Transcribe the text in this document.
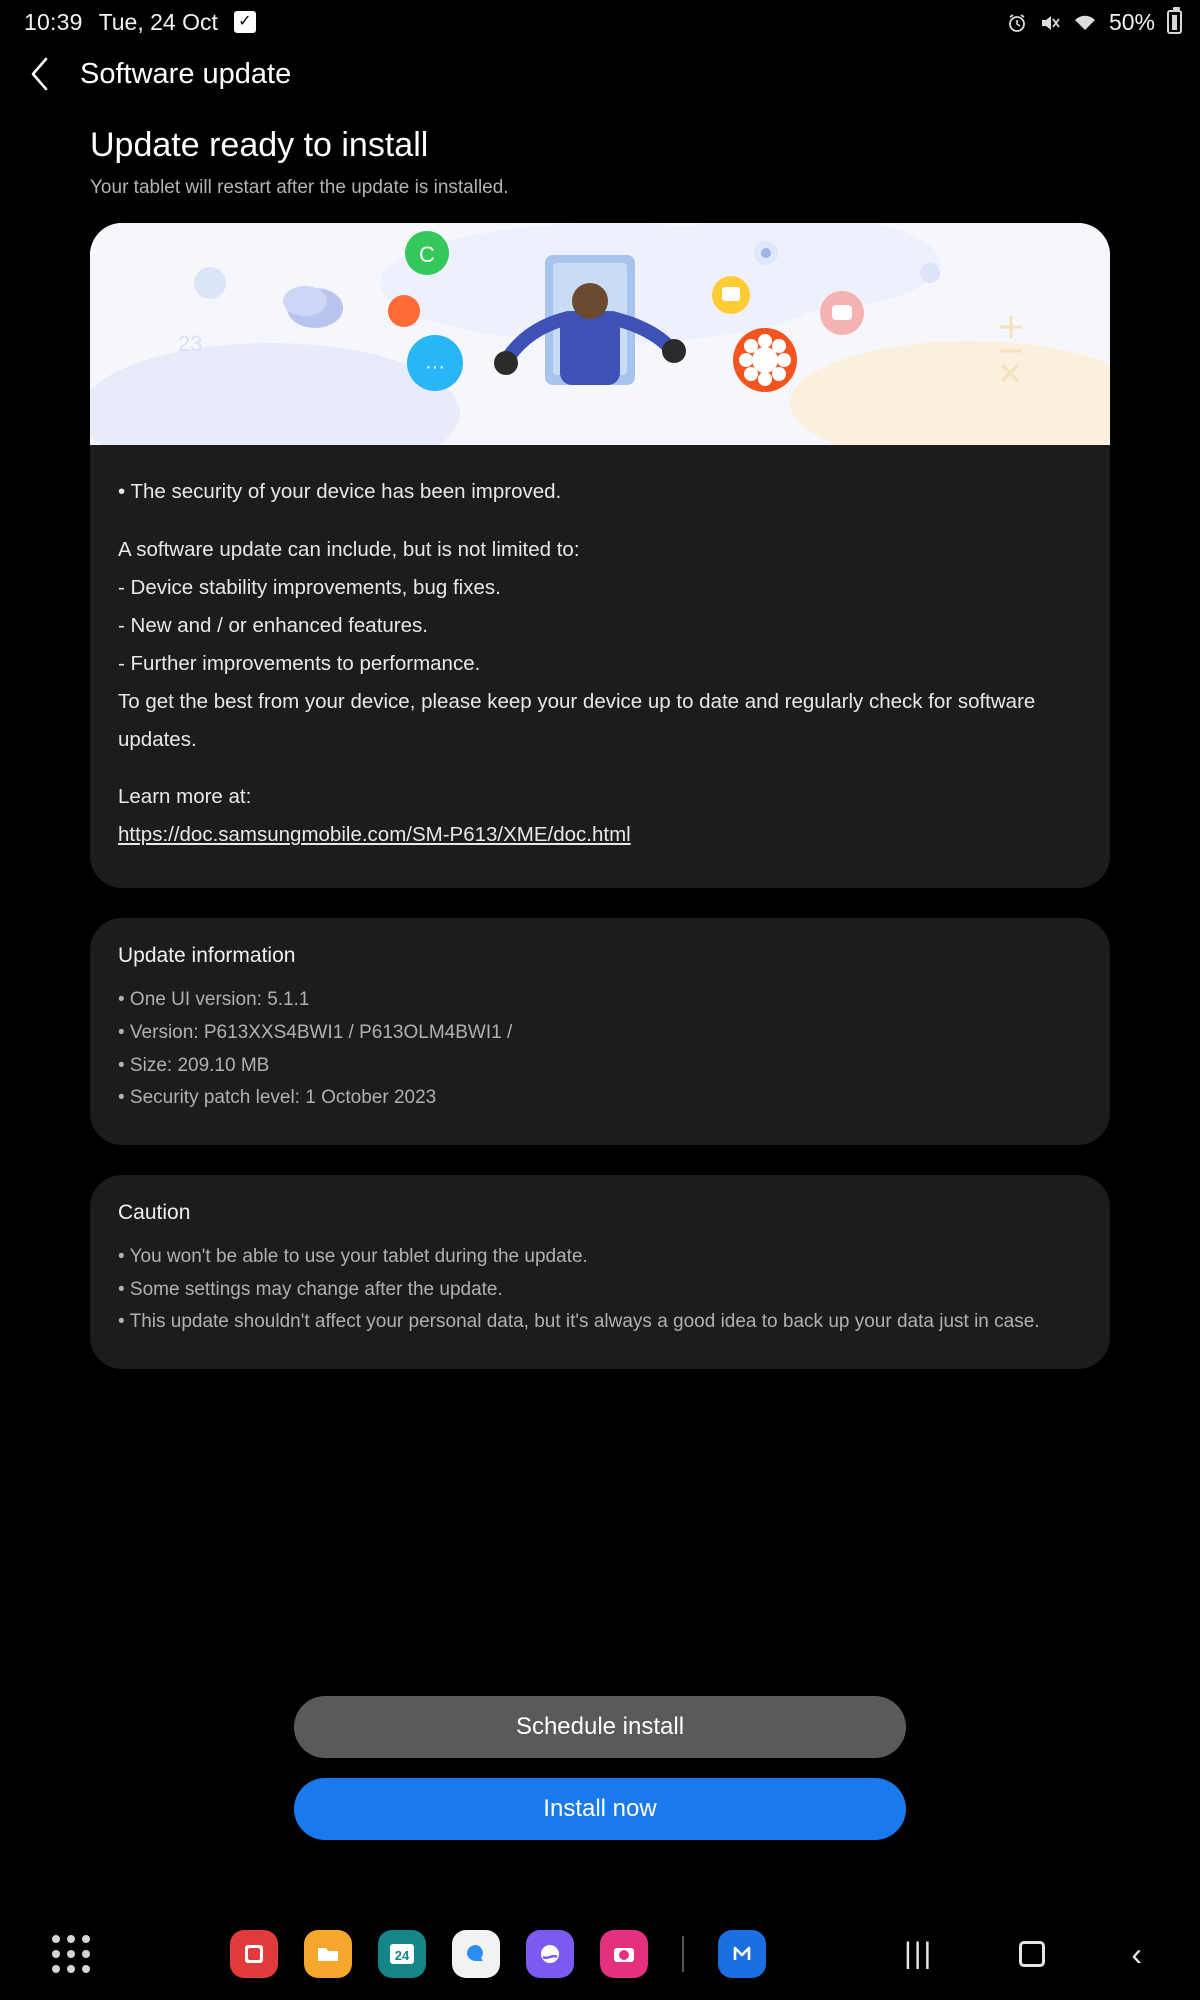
10:39 Tue, 24 Oct ✓	50%
Software update
Update ready to install
Your tablet will restart after the update is installed.
C
···
23

• The security of your device has been improved.

A software update can include, but is not limited to:

- Device stability improvements, bug fixes.

- New and / or enhanced features.

- Further improvements to performance.

To get the best from your device, please keep your device up to date and regularly check for software updates.

Learn more at:

https://doc.samsungmobile.com/SM-P613/XME/doc.html

Update information
• One UI version: 5.1.1
• Version: P613XXS4BWI1 / P613OLM4BWI1 /
• Size: 209.10 MB
• Security patch level: 1 October 2023
Caution
• You won't be able to use your tablet during the update.
• Some settings may change after the update.
• This update shouldn't affect your personal data, but it's always a good idea to back up your data just in case.
Schedule install
Install now
24	|||	‹
